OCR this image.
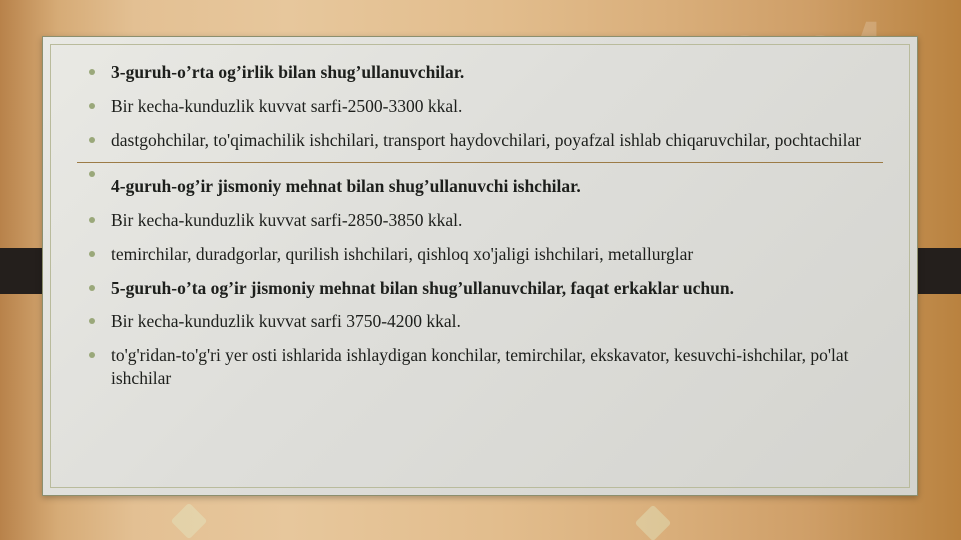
3-guruh-o’rta og’irlik bilan shug’ullanuvchilar.
Bir kecha-kunduzlik kuvvat sarfi-2500-3300 kkal.
dastgohchilar, to'qimachilik ishchilari, transport haydovchilari, poyafzal ishlab chiqaruvchilar, pochtachilar
4-guruh-og’ir jismoniy mehnat bilan shug’ullanuvchi ishchilar.
Bir kecha-kunduzlik kuvvat sarfi-2850-3850 kkal.
temirchilar, duradgorlar, qurilish ishchilari, qishloq xo'jaligi ishchilari, metallurglar
5-guruh-o’ta og’ir jismoniy mehnat bilan shug’ullanuvchilar, faqat erkaklar uchun.
Bir kecha-kunduzlik kuvvat sarfi 3750-4200 kkal.
to'g'ridan-to'g'ri yer osti ishlarida ishlaydigan konchilar, temirchilar, ekskavator, kesuvchi-ishchilar, po'lat ishchilar
